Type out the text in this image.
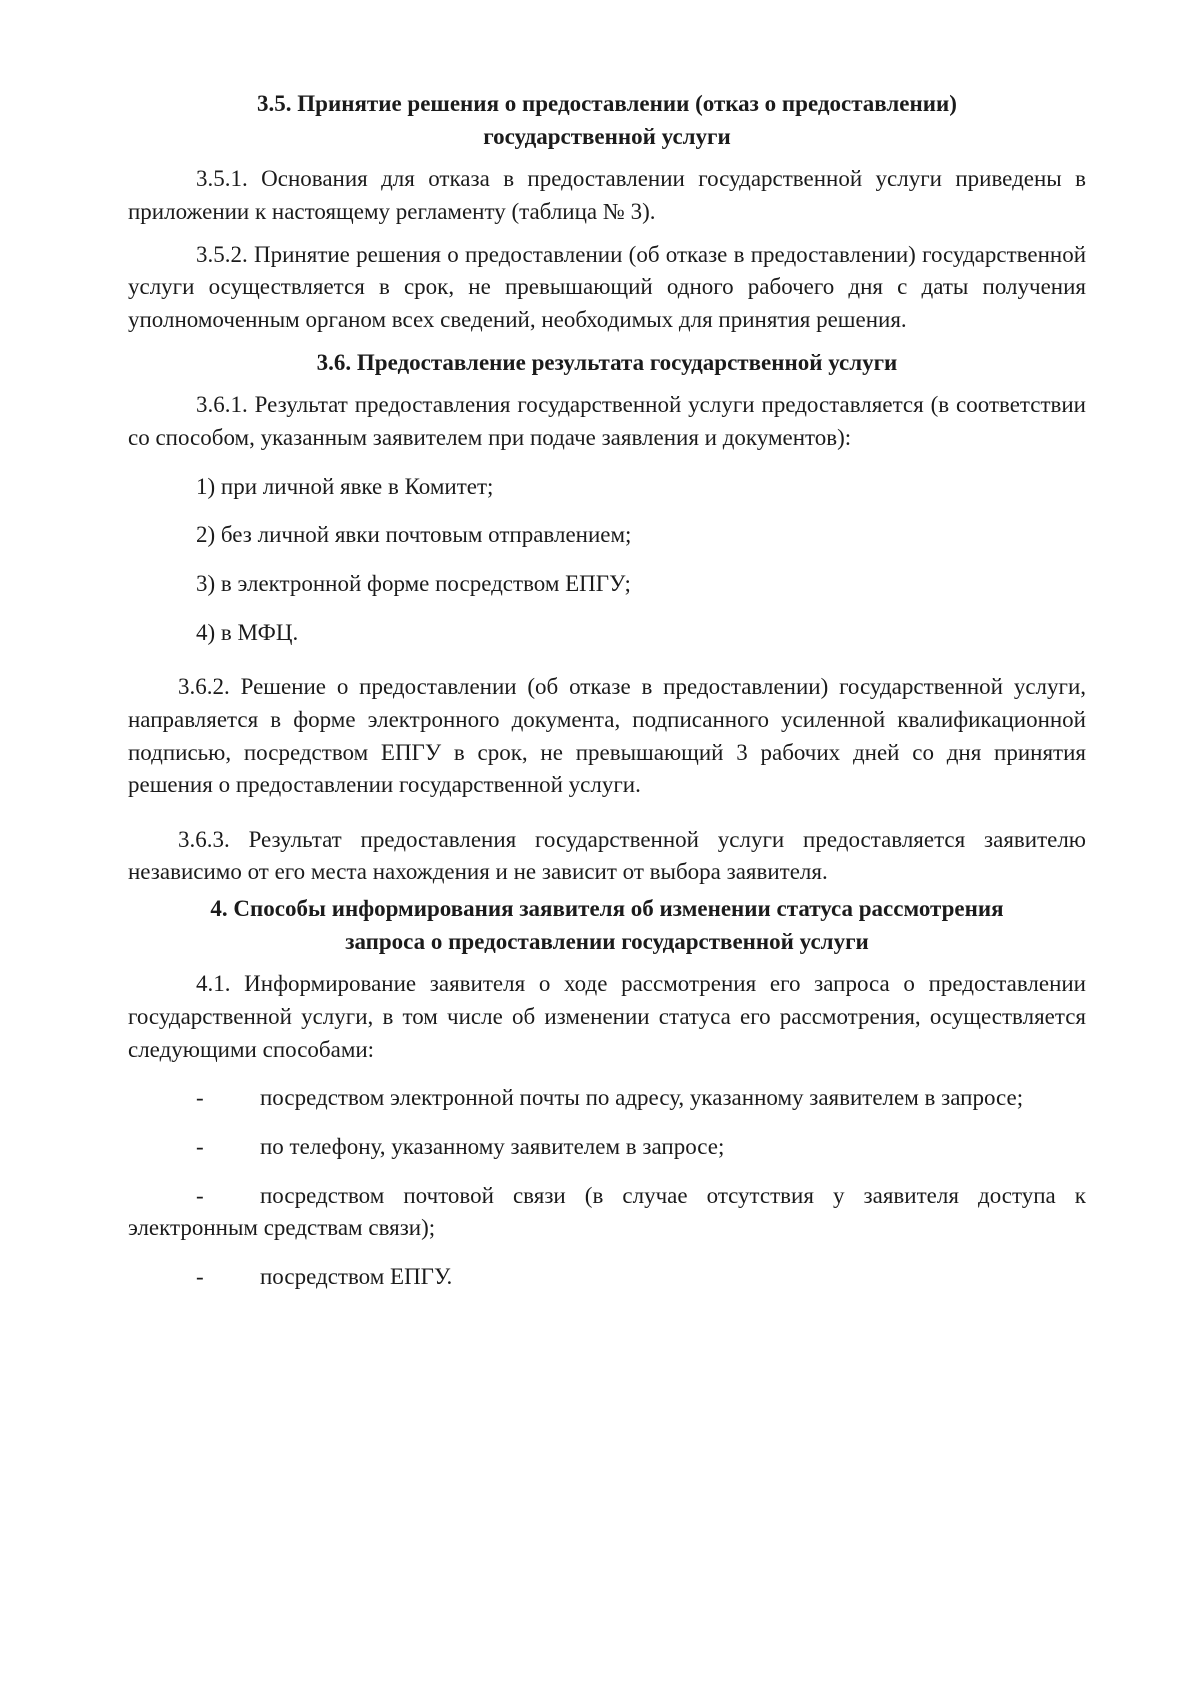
3.5. Принятие решения о предоставлении (отказ о предоставлении)

государственной услуги

3.5.1. Основания для отказа в предоставлении государственной услуги приведены в приложении к настоящему регламенту (таблица № 3).

3.5.2. Принятие решения о предоставлении (об отказе в предоставлении) государственной услуги осуществляется в срок, не превышающий одного рабочего дня с даты получения уполномоченным органом всех сведений, необходимых для принятия решения.

3.6. Предоставление результата государственной услуги

3.6.1. Результат предоставления государственной услуги предоставляется (в соответствии со способом, указанным заявителем при подаче заявления и документов):

1) при личной явке в Комитет;

2) без личной явки почтовым отправлением;

3) в электронной форме посредством ЕПГУ;

4) в МФЦ.

3.6.2. Решение о предоставлении (об отказе в предоставлении) государственной услуги, направляется в форме электронного документа, подписанного усиленной квалификационной подписью, посредством ЕПГУ в срок, не превышающий 3 рабочих дней со дня принятия решения о предоставлении государственной услуги.

3.6.3. Результат предоставления государственной услуги предоставляется заявителю независимо от его места нахождения и не зависит от выбора заявителя.

4. Способы информирования заявителя об изменении статуса рассмотрения

запроса о предоставлении государственной услуги

4.1. Информирование заявителя о ходе рассмотрения его запроса о предоставлении государственной услуги, в том числе об изменении статуса его рассмотрения, осуществляется следующими способами:

- посредством электронной почты по адресу, указанному заявителем в запросе;

- по телефону, указанному заявителем в запросе;

- посредством почтовой связи (в случае отсутствия у заявителя доступа к электронным средствам связи);

- посредством ЕПГУ.
